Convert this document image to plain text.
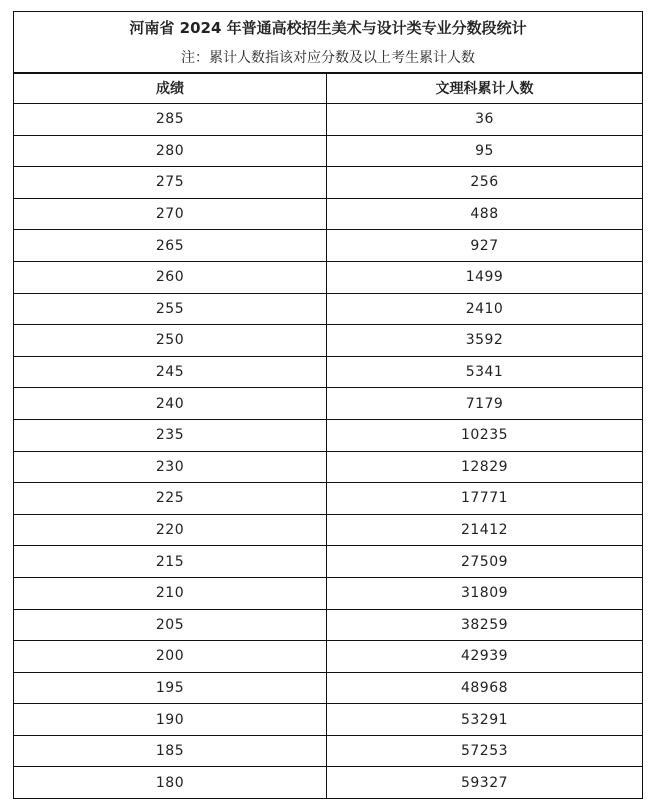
河南省 2024 年普通高校招生美术与设计类专业分数段统计	
注：累计人数指该对应分数及以上考生累计人数	
成绩	文理科累计人数
285	36
280	95
275	256
270	488
265	927
260	1499
255	2410
250	3592
245	5341
240	7179
235	10235
230	12829
225	17771
220	21412
215	27509
210	31809
205	38259
200	42939
195	48968
190	53291
185	57253
180	59327
